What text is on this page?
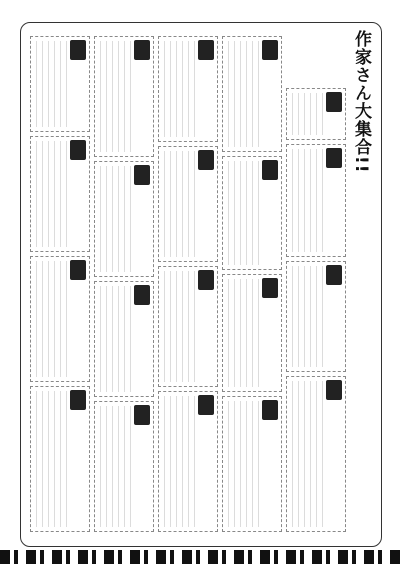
作家さん大集合!!
